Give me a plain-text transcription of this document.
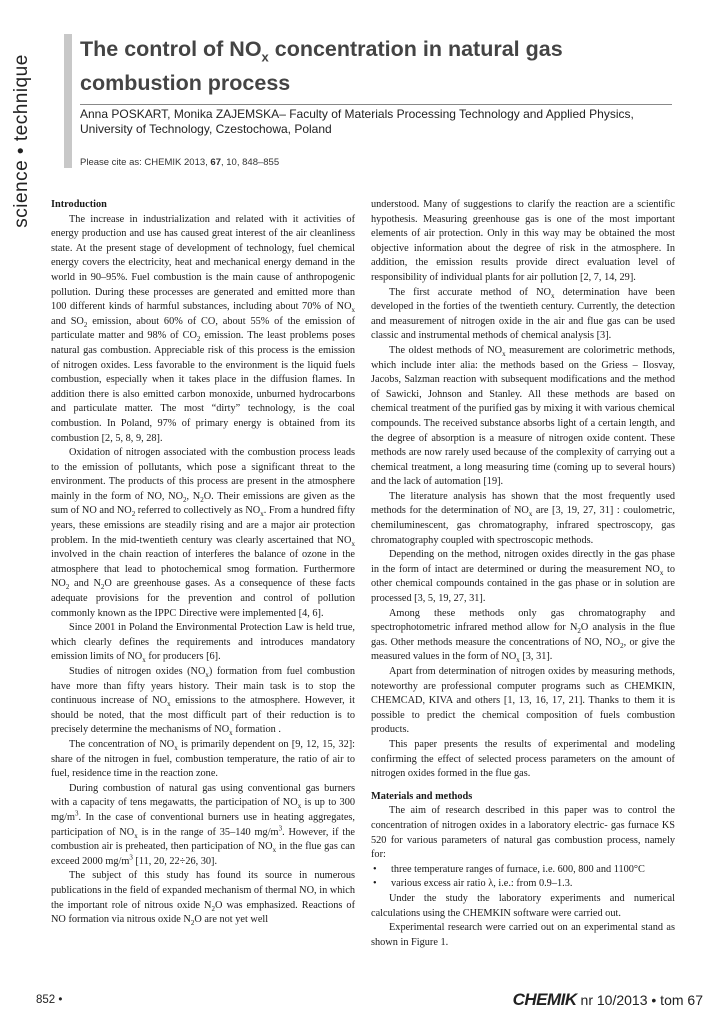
science • technique
The control of $NO_x$ concentration in natural gas combustion process
Anna POSKART, Monika ZAJEMSKA– Faculty of Materials Processing Technology and Applied Physics, University of Technology, Czestochowa, Poland
Please cite as: CHEMIK 2013, 67, 10, 848–855
Introduction

The increase in industrialization and related with it activities of energy production and use has caused great interest of the air cleanliness state. At the present stage of development of technology, fuel chemical energy covers the electricity, heat and mechanical energy demand in the world in 90–95%. Fuel combustion is the main cause of anthropogenic pollution. During these processes are generated and emitted more than 100 different kinds of harmful substances, including about 70% of $NO_x$ and $SO_2$ emission, about 60% of CO, about 55% of the emission of particulate matter and 98% of $CO_2$ emission. The least problems poses natural gas combustion. Appreciable risk of this process is the emission of nitrogen oxides. Less favorable to the environment is the liquid fuels combustion, especially when it takes place in the diffusion flames. In addition there is also emitted carbon monoxide, unburned hydrocarbons and particulate matter. The most “dirty” technology, is the coal combustion. In Poland, 97% of primary energy is obtained from its combustion [2, 5, 8, 9, 28].

Oxidation of nitrogen associated with the combustion process leads to the emission of pollutants, which pose a significant threat to the environment. The products of this process are present in the atmosphere mainly in the form of NO, $NO_2$, $N_2O$. Their emissions are given as the sum of NO and $NO_2$ referred to collectively as $NO_x$. From a hundred fifty years, these emissions are steadily rising and are a major air protection problem. In the mid-twentieth century was clearly ascertained that $NO_x$ involved in the chain reaction of interferes the balance of ozone in the atmosphere that lead to photochemical smog formation. Furthermore $NO_2$ and $N_2O$ are greenhouse gases. As a consequence of these facts adequate provisions for the prevention and control of pollution commonly known as the IPPC Directive were implemented [4, 6].

Since 2001 in Poland the Environmental Protection Law is held true, which clearly defines the requirements and introduces mandatory emission limits of $NO_x$ for producers [6].

Studies of nitrogen oxides $(NO_x)$ formation from fuel combustion have more than fifty years history. Their main task is to stop the continuous increase of $NO_x$ emissions to the atmosphere. However, it should be noted, that the most difficult part of their reduction is to precisely determine the mechanisms of $NO_x$ formation .

The concentration of $NO_x$ is primarily dependent on [9, 12, 15, 32]: share of the nitrogen in fuel, combustion temperature, the ratio of air to fuel, residence time in the reaction zone.

During combustion of natural gas using conventional gas burners with a capacity of tens megawatts, the participation of $NO_x$ is up to 300 $mg/m^3$. In the case of conventional burners use in heating aggregates, participation of $NO_x$ is in the range of 35–140 $mg/m^3$. However, if the combustion air is preheated, then participation of $NO_x$ in the flue gas can exceed 2000 $mg/m^3$ [11, 20, 22÷26, 30].

The subject of this study has found its source in numerous publications in the field of expanded mechanism of thermal NO, in which the important role of nitrous oxide $N_2O$ was emphasized. Reactions of NO formation via nitrous oxide $N_2O$ are not yet well

understood. Many of suggestions to clarify the reaction are a scientific hypothesis. Measuring greenhouse gas is one of the most important elements of air protection. Only in this way may be obtained the most objective information about the degree of risk in the atmosphere. In addition, the emission results provide direct evaluation level of responsibility of individual plants for air pollution [2, 7, 14, 29].

The first accurate method of $NO_x$ determination have been developed in the forties of the twentieth century. Currently, the detection and measurement of nitrogen oxide in the air and flue gas can be used classic and instrumental methods of chemical analysis [3].

The oldest methods of $NO_x$ measurement are colorimetric methods, which include inter alia: the methods based on the Griess – Ilosvay, Jacobs, Salzman reaction with subsequent modifications and the method of Sawicki, Johnson and Stanley. All these methods are based on chemical treatment of the purified gas by mixing it with various chemical compounds. The received substance absorbs light of a certain length, and the degree of absorption is a measure of nitrogen oxide content. These methods are now rarely used because of the complexity of carrying out a chemical treatment, a long measuring time (coming up to several hours) and the lack of automation [19].

The literature analysis has shown that the most frequently used methods for the determination of $NO_x$ are [3, 19, 27, 31] : coulometric, chemiluminescent, gas chromatography, infrared spectroscopy, gas chromatography coupled with spectroscopic methods.

Depending on the method, nitrogen oxides directly in the gas phase in the form of intact are determined or during the measurement $NO_x$ to other chemical compounds contained in the gas phase or in solution are processed [3, 5, 19, 27, 31].

Among these methods only gas chromatography and spectrophotometric infrared method allow for $N_2O$ analysis in the flue gas. Other methods measure the concentrations of NO, $NO_2$, or give the measured values in the form of $NO_x$ [3, 31].

Apart from determination of nitrogen oxides by measuring methods, noteworthy are professional computer programs such as CHEMKIN, CHEMCAD, KIVA and others [1, 13, 16, 17, 21]. Thanks to them it is possible to predict the chemical composition of fuels combustion products.

This paper presents the results of experimental and modeling confirming the effect of selected process parameters on the amount of nitrogen oxides formed in the flue gas.

Materials and methods

The aim of research described in this paper was to control the concentration of nitrogen oxides in a laboratory electric- gas furnace KS 520 for various parameters of natural gas combustion process, namely for:

• three temperature ranges of furnace, i.e. 600, 800 and 1100°C
• various excess air ratio λ, i.e.: from 0.9–1.3.

Under the study the laboratory experiments and numerical calculations using the CHEMKIN software were carried out.

Experimental research were carried out on an experimental stand as shown in Figure 1.

852 •	CHEMIK nr 10/2013 • tom 67
